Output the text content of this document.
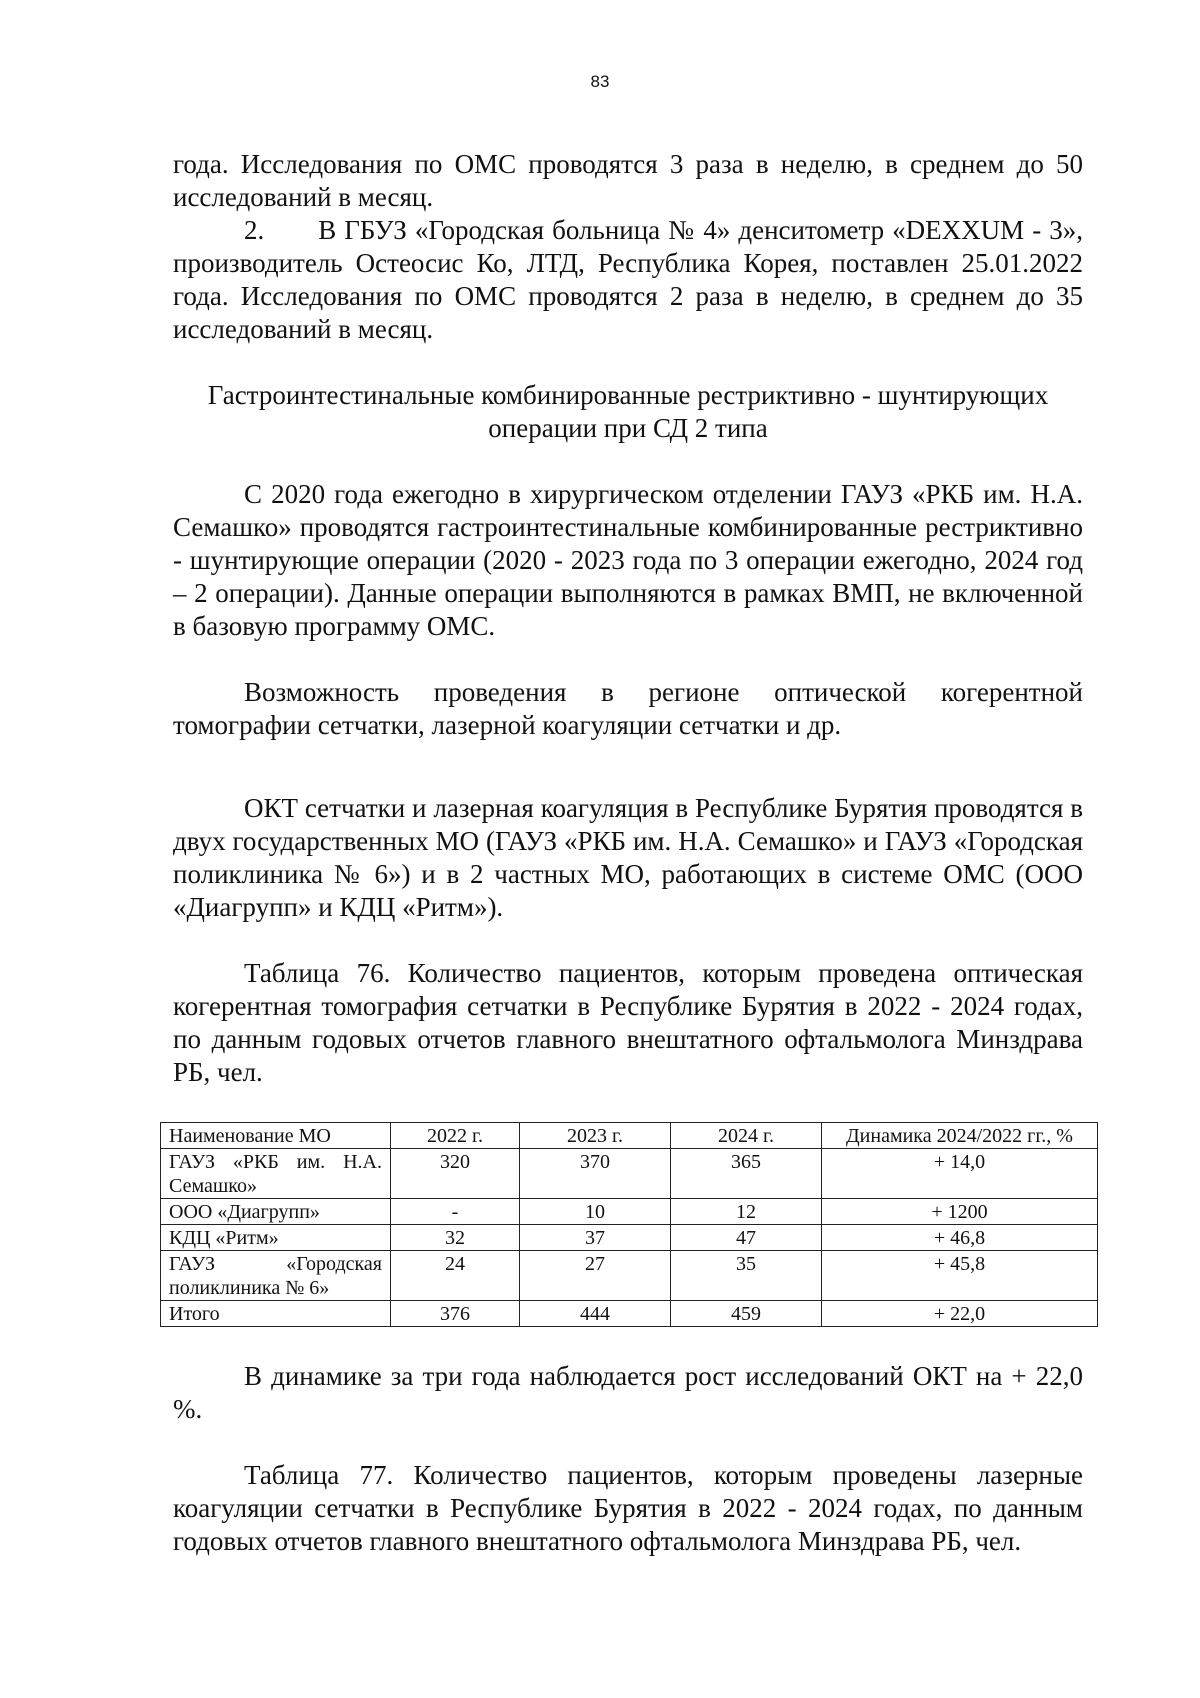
83

года. Исследования по ОМС проводятся 3 раза в неделю, в среднем до 50 исследований в месяц.

2.  В ГБУЗ «Городская больница № 4» денситометр «DEXXUM - 3», производитель Остеосис Ко, ЛТД, Республика Корея, поставлен 25.01.2022 года. Исследования по ОМС проводятся 2 раза в неделю, в среднем до 35 исследований в месяц.

Гастроинтестинальные комбинированные рестриктивно - шунтирующих
операции при СД 2 типа

С 2020 года ежегодно в хирургическом отделении ГАУЗ «РКБ им. Н.А. Семашко» проводятся гастроинтестинальные комбинированные рестриктивно - шунтирующие операции (2020 - 2023 года по 3 операции ежегодно, 2024 год – 2 операции). Данные операции выполняются в рамках ВМП, не включенной в базовую программу ОМС.

Возможность проведения в регионе оптической когерентной томографии сетчатки, лазерной коагуляции сетчатки и др.

ОКТ сетчатки и лазерная коагуляция в Республике Бурятия проводятся в двух государственных МО (ГАУЗ «РКБ им. Н.А. Семашко» и ГАУЗ «Городская поликлиника № 6») и в 2 частных МО, работающих в системе ОМС (ООО «Диагрупп» и КДЦ «Ритм»).

Таблица 76. Количество пациентов, которым проведена оптическая когерентная томография сетчатки в Республике Бурятия в 2022 - 2024 годах, по данным годовых отчетов главного внештатного офтальмолога Минздрава РБ, чел.

Наименование МО	2022 г.	2023 г.	2024 г.	Динамика 2024/2022 гг., %
ГАУЗ «РКБ им. Н.А. Семашко»	320	370	365	+ 14,0
ООО «Диагрупп»	-	10	12	+ 1200
КДЦ «Ритм»	32	37	47	+ 46,8
ГАУЗ «Городская поликлиника № 6»	24	27	35	+ 45,8
Итого	376	444	459	+ 22,0

В динамике за три года наблюдается рост исследований ОКТ на + 22,0 %.

Таблица 77. Количество пациентов, которым проведены лазерные коагуляции сетчатки в Республике Бурятия в 2022 - 2024 годах, по данным годовых отчетов главного внештатного офтальмолога Минздрава РБ, чел.
